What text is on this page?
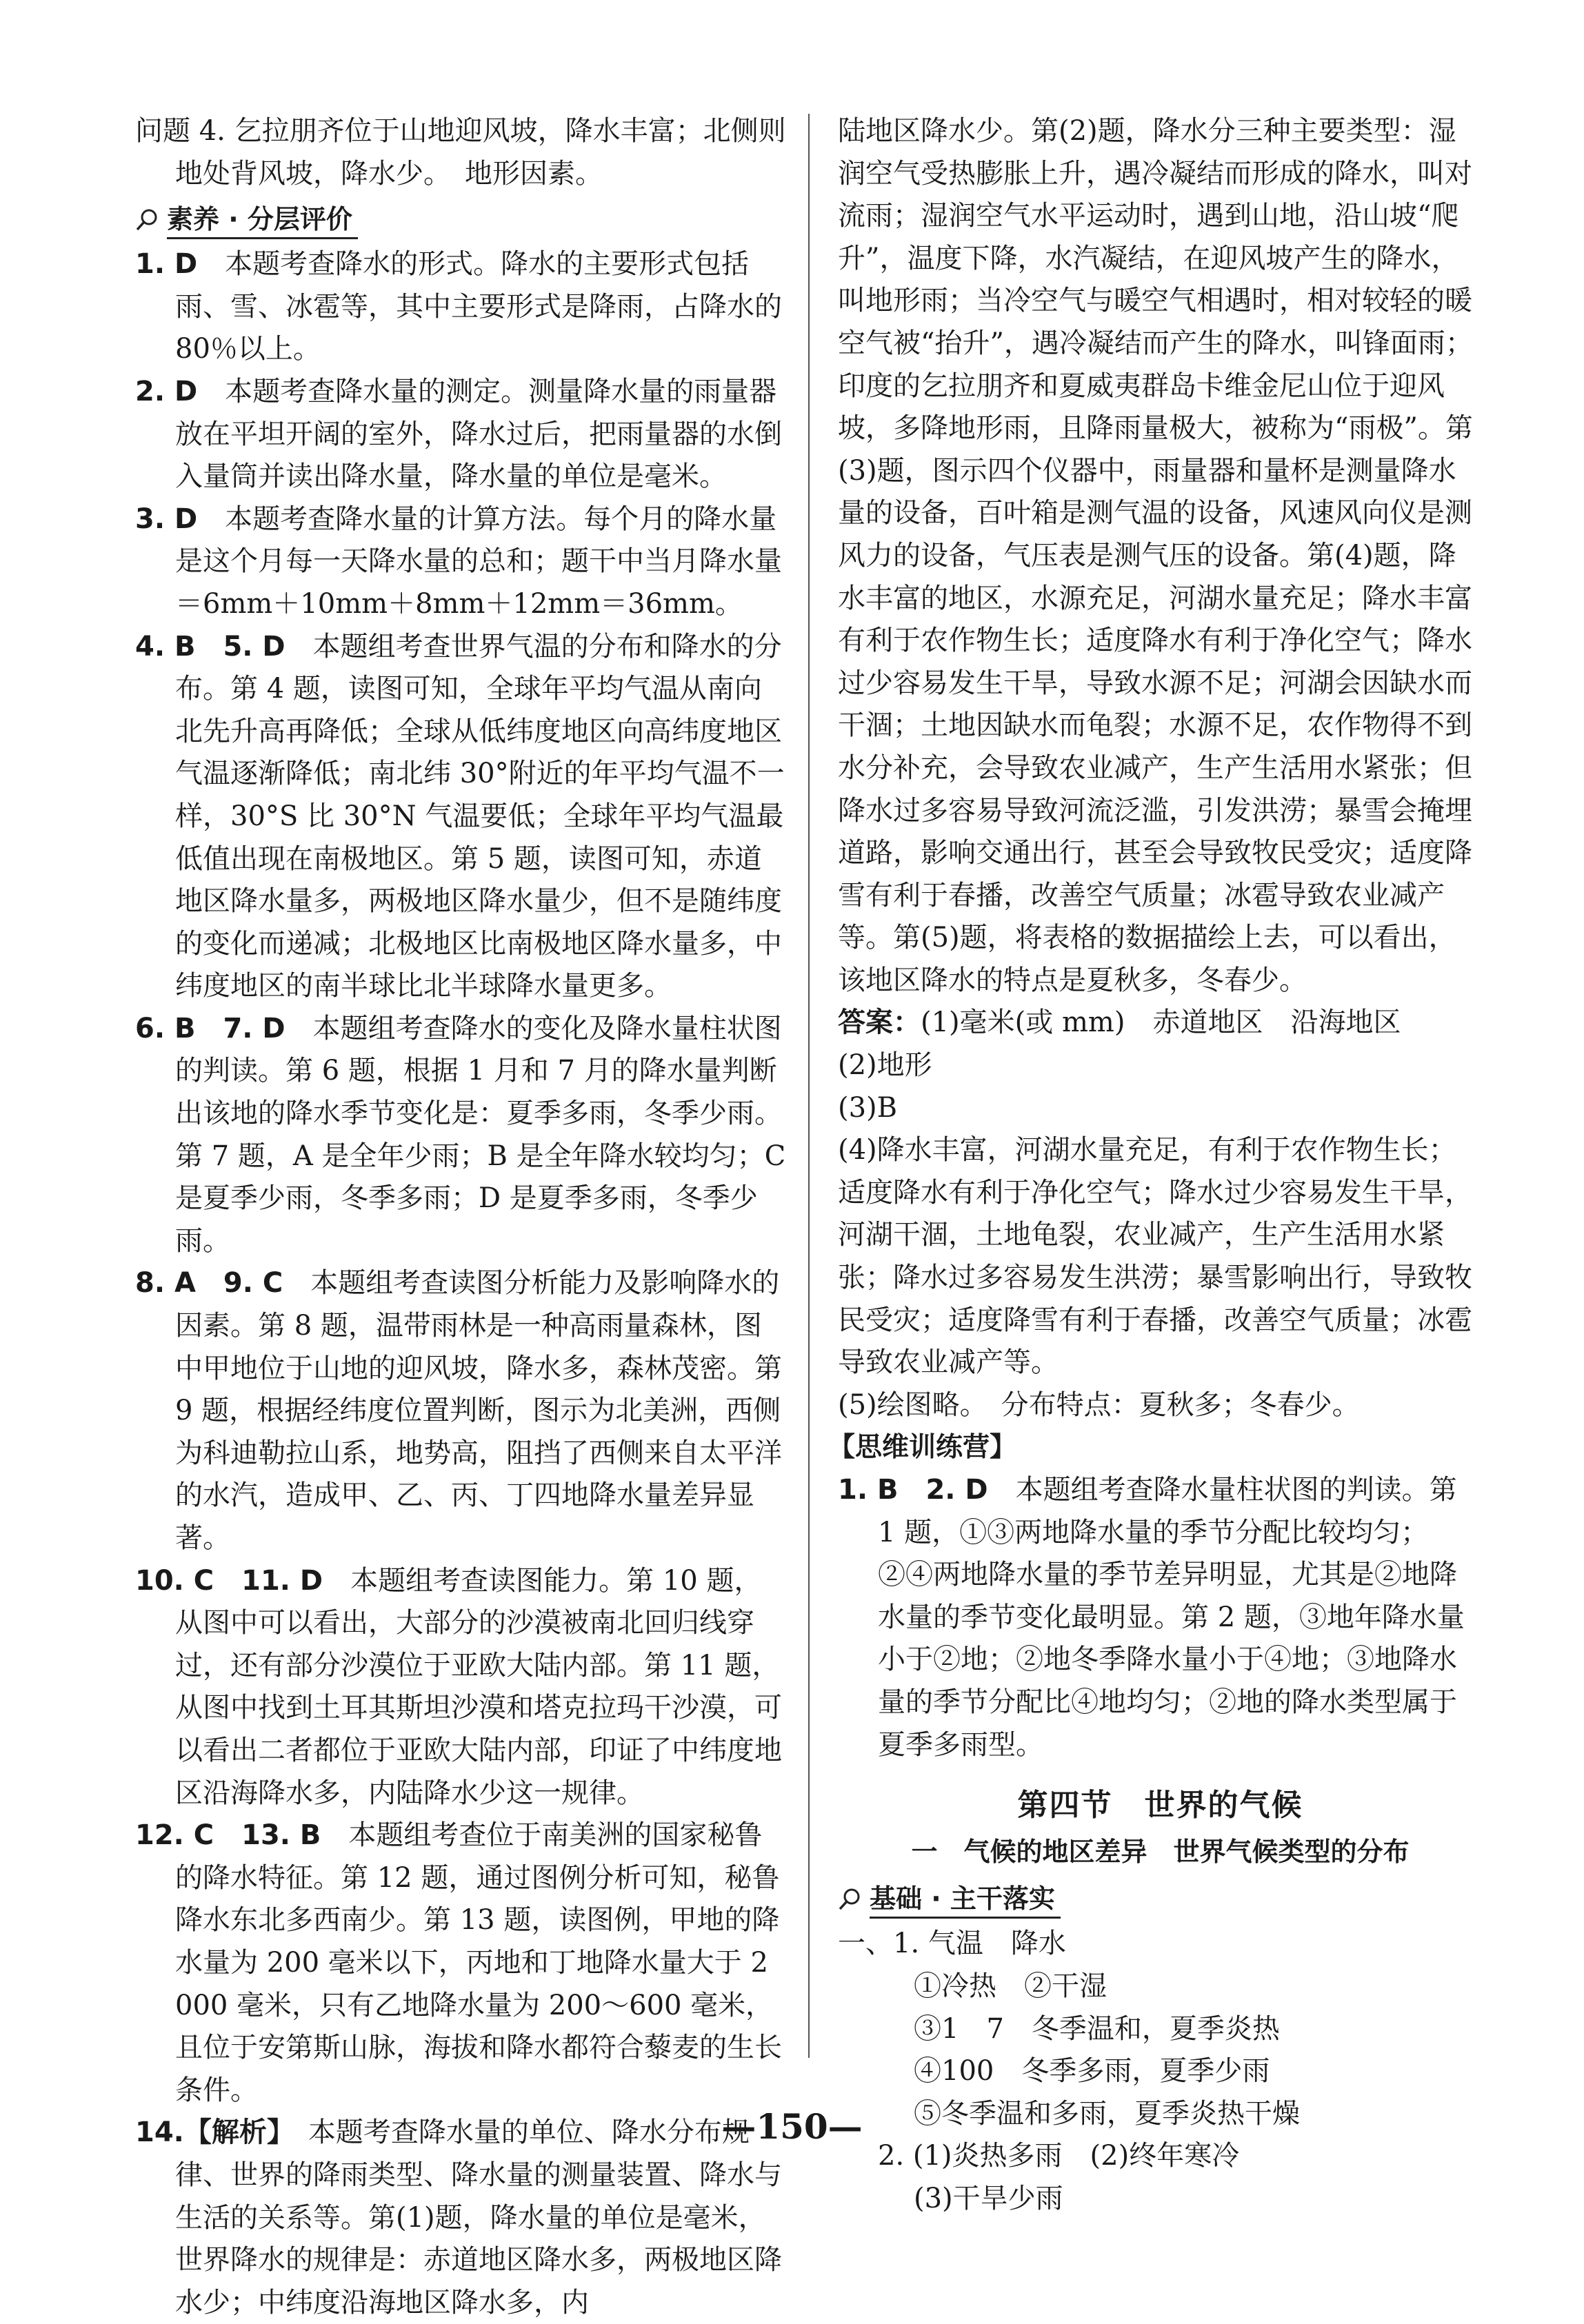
问题 4. 乞拉朋齐位于山地迎风坡，降水丰富；北侧则地处背风坡，降水少。　地形因素。

素养 · 分层评价

1. D　 本题考查降水的形式。降水的主要形式包括雨、雪、冰雹等，其中主要形式是降雨，占降水的 80％以上。

2. D　 本题考查降水量的测定。测量降水量的雨量器放在平坦开阔的室外，降水过后，把雨量器的水倒入量筒并读出降水量，降水量的单位是毫米。

3. D　 本题考查降水量的计算方法。每个月的降水量是这个月每一天降水量的总和；题干中当月降水量＝6mm＋10mm＋8mm＋12mm＝36mm。

4. B　5. D　 本题组考查世界气温的分布和降水的分布。第 4 题，读图可知，全球年平均气温从南向北先升高再降低；全球从低纬度地区向高纬度地区气温逐渐降低；南北纬 30°附近的年平均气温不一样，30°S 比 30°N 气温要低；全球年平均气温最低值出现在南极地区。第 5 题，读图可知，赤道地区降水量多，两极地区降水量少，但不是随纬度的变化而递减；北极地区比南极地区降水量多，中纬度地区的南半球比北半球降水量更多。

6. B　7. D　 本题组考查降水的变化及降水量柱状图的判读。第 6 题，根据 1 月和 7 月的降水量判断出该地的降水季节变化是：夏季多雨，冬季少雨。第 7 题，A 是全年少雨；B 是全年降水较均匀；C 是夏季少雨，冬季多雨；D 是夏季多雨，冬季少雨。

8. A　9. C　 本题组考查读图分析能力及影响降水的因素。第 8 题，温带雨林是一种高雨量森林，图中甲地位于山地的迎风坡，降水多，森林茂密。第 9 题，根据经纬度位置判断，图示为北美洲，西侧为科迪勒拉山系，地势高，阻挡了西侧来自太平洋的水汽，造成甲、乙、丙、丁四地降水量差异显著。

10. C　11. D　 本题组考查读图能力。第 10 题，从图中可以看出，大部分的沙漠被南北回归线穿过，还有部分沙漠位于亚欧大陆内部。第 11 题，从图中找到土耳其斯坦沙漠和塔克拉玛干沙漠，可以看出二者都位于亚欧大陆内部，印证了中纬度地区沿海降水多，内陆降水少这一规律。

12. C　13. B　 本题组考查位于南美洲的国家秘鲁的降水特征。第 12 题，通过图例分析可知，秘鲁降水东北多西南少。第 13 题，读图例，甲地的降水量为 200 毫米以下，丙地和丁地降水量大于 2 000 毫米，只有乙地降水量为 200～600 毫米，且位于安第斯山脉，海拔和降水都符合藜麦的生长条件。

14.【解析】　 本题考查降水量的单位、降水分布规律、世界的降雨类型、降水量的测量装置、降水与生活的关系等。第(1)题，降水量的单位是毫米，世界降水的规律是：赤道地区降水多，两极地区降水少；中纬度沿海地区降水多，内

陆地区降水少。第(2)题，降水分三种主要类型：湿润空气受热膨胀上升，遇冷凝结而形成的降水，叫对流雨；湿润空气水平运动时，遇到山地，沿山坡“爬升”，温度下降，水汽凝结，在迎风坡产生的降水，叫地形雨；当冷空气与暖空气相遇时，相对较轻的暖空气被“抬升”，遇冷凝结而产生的降水，叫锋面雨；印度的乞拉朋齐和夏威夷群岛卡维金尼山位于迎风坡，多降地形雨，且降雨量极大，被称为“雨极”。第(3)题，图示四个仪器中，雨量器和量杯是测量降水量的设备，百叶箱是测气温的设备，风速风向仪是测风力的设备，气压表是测气压的设备。第(4)题，降水丰富的地区，水源充足，河湖水量充足；降水丰富有利于农作物生长；适度降水有利于净化空气；降水过少容易发生干旱，导致水源不足；河湖会因缺水而干涸；土地因缺水而龟裂；水源不足，农作物得不到水分补充，会导致农业减产，生产生活用水紧张；但降水过多容易导致河流泛滥，引发洪涝；暴雪会掩埋道路，影响交通出行，甚至会导致牧民受灾；适度降雪有利于春播，改善空气质量；冰雹导致农业减产等。第(5)题，将表格的数据描绘上去，可以看出，该地区降水的特点是夏秋多，冬春少。

答案：(1)毫米(或 mm)　赤道地区　沿海地区

(2)地形

(3)B

(4)降水丰富，河湖水量充足，有利于农作物生长；适度降水有利于净化空气；降水过少容易发生干旱，河湖干涸，土地龟裂，农业减产，生产生活用水紧张；降水过多容易发生洪涝；暴雪影响出行，导致牧民受灾；适度降雪有利于春播，改善空气质量；冰雹导致农业减产等。

(5)绘图略。　分布特点：夏秋多；冬春少。

【思维训练营】

1. B　2. D　 本题组考查降水量柱状图的判读。第 1 题，①③两地降水量的季节分配比较均匀；②④两地降水量的季节差异明显，尤其是②地降水量的季节变化最明显。第 2 题，③地年降水量小于②地；②地冬季降水量小于④地；③地降水量的季节分配比④地均匀；②地的降水类型属于夏季多雨型。

第四节　世界的气候
一　气候的地区差异　世界气候类型的分布
基础 · 主干落实

一、1. 气温　降水

①冷热　②干湿

③1　7　冬季温和，夏季炎热

④100　冬季多雨，夏季少雨

⑤冬季温和多雨，夏季炎热干燥

2. (1)炎热多雨　(2)终年寒冷

(3)干旱少雨

—150—
